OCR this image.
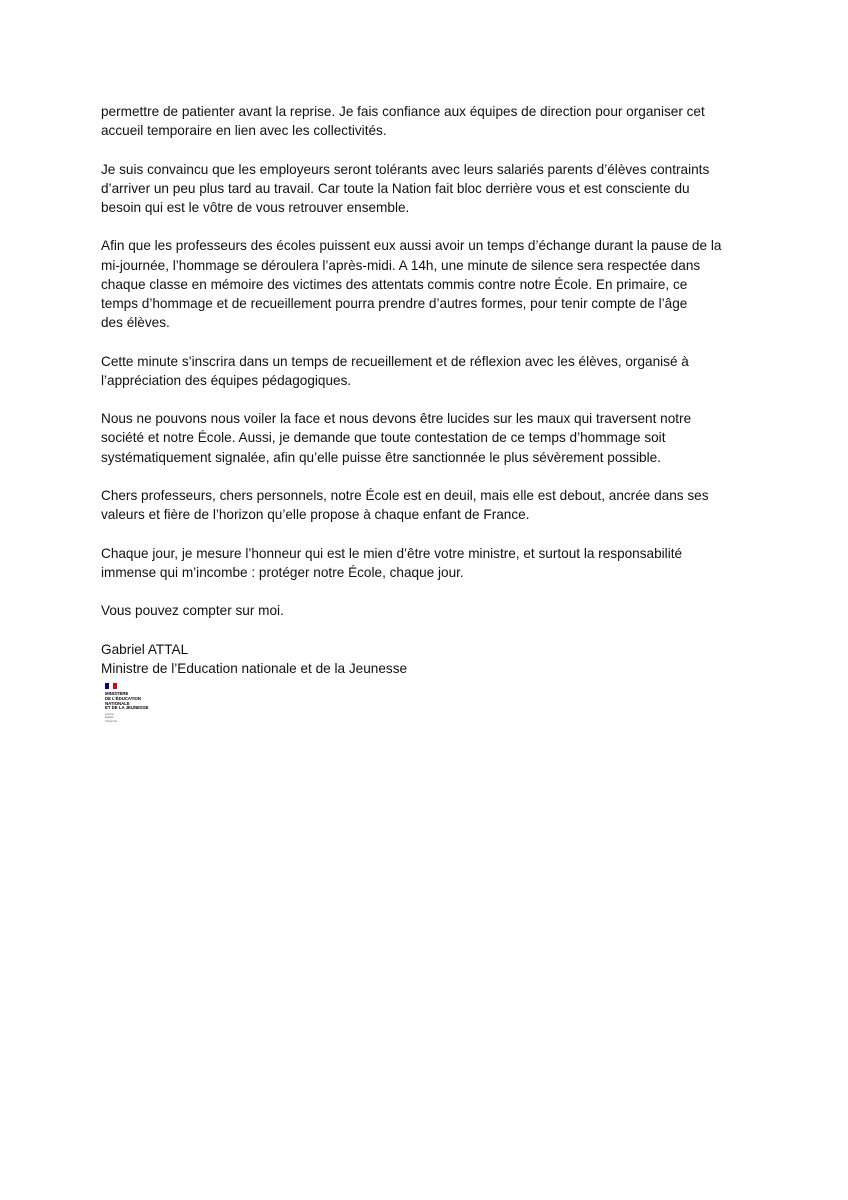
permettre de patienter avant la reprise. Je fais confiance aux équipes de direction pour organiser cet
accueil temporaire en lien avec les collectivités.

Je suis convaincu que les employeurs seront tolérants avec leurs salariés parents d’élèves contraints
d’arriver un peu plus tard au travail. Car toute la Nation fait bloc derrière vous et est consciente du
besoin qui est le vôtre de vous retrouver ensemble.

Afin que les professeurs des écoles puissent eux aussi avoir un temps d’échange durant la pause de la
mi-journée, l’hommage se déroulera l’après-midi. A 14h, une minute de silence sera respectée dans
chaque classe en mémoire des victimes des attentats commis contre notre École. En primaire, ce
temps d’hommage et de recueillement pourra prendre d’autres formes, pour tenir compte de l’âge
des élèves.

Cette minute s’inscrira dans un temps de recueillement et de réflexion avec les élèves, organisé à
l’appréciation des équipes pédagogiques.

Nous ne pouvons nous voiler la face et nous devons être lucides sur les maux qui traversent notre
société et notre École. Aussi, je demande que toute contestation de ce temps d’hommage soit
systématiquement signalée, afin qu’elle puisse être sanctionnée le plus sévèrement possible.

Chers professeurs, chers personnels, notre École est en deuil, mais elle est debout, ancrée dans ses
valeurs et fière de l’horizon qu’elle propose à chaque enfant de France.

Chaque jour, je mesure l’honneur qui est le mien d’être votre ministre, et surtout la responsabilité
immense qui m’incombe : protéger notre École, chaque jour.

Vous pouvez compter sur moi.

Gabriel ATTAL
Ministre de l’Education nationale et de la Jeunesse
MINISTÈRE
DE L’ÉDUCATION
NATIONALE
ET DE LA JEUNESSE
Liberté
Égalité
Fraternité
